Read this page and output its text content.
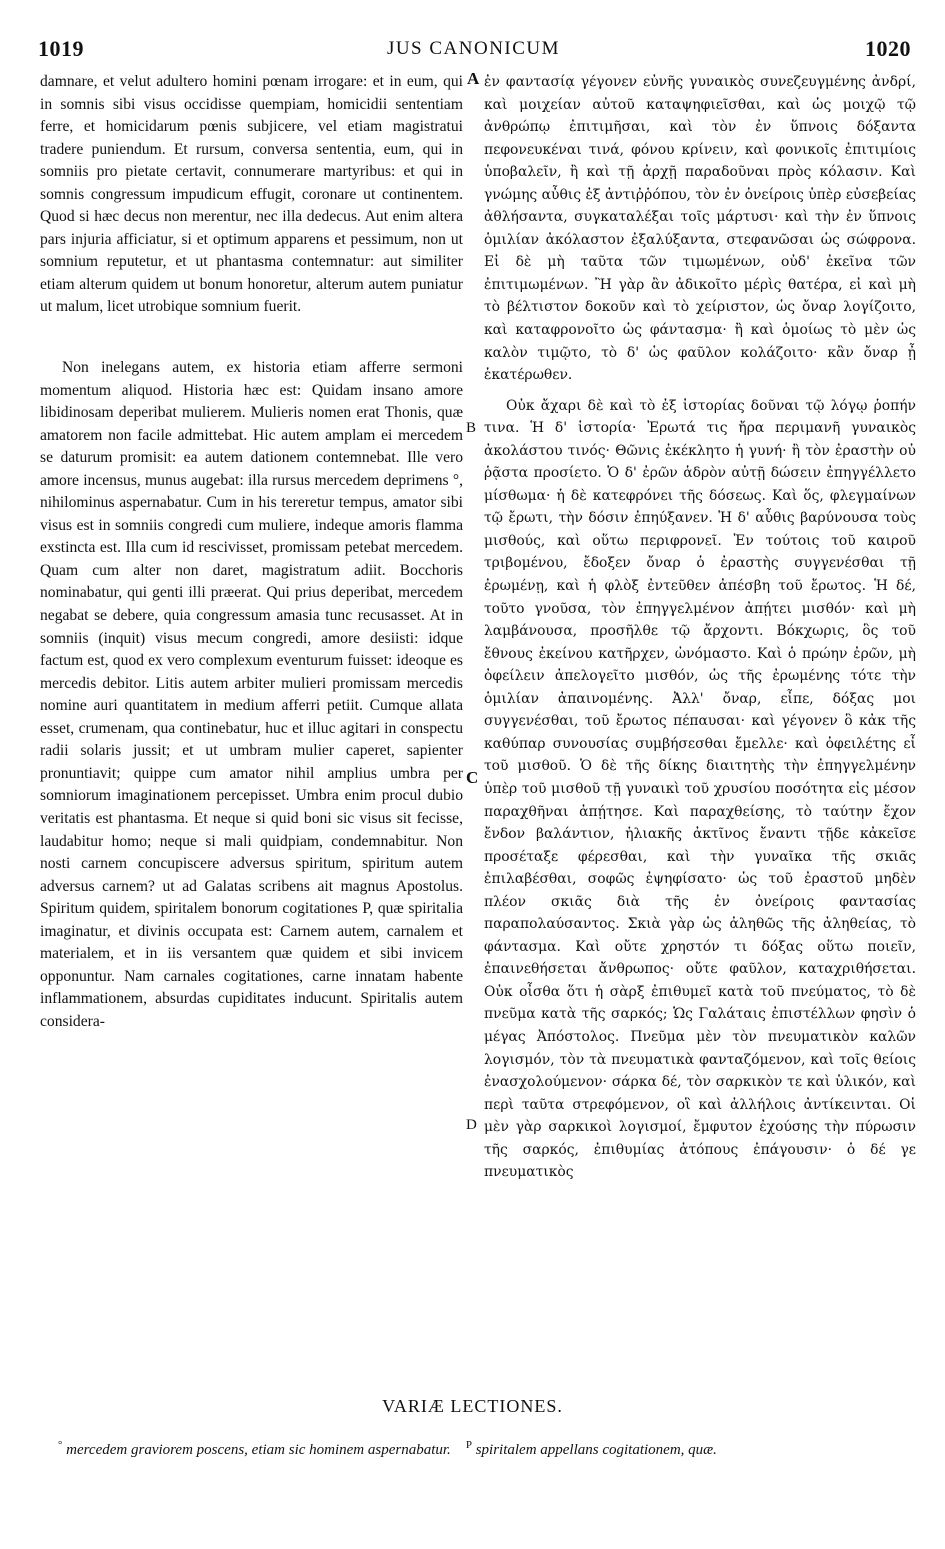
1019	JUS CANONICUM	1020
A
B
C
D

damnare, et velut adultero homini pœnam irrogare: et in eum, qui in somnis sibi visus occidisse quempiam, homicidii sententiam ferre, et homicidarum pœnis subjicere, vel etiam magistratui tradere puniendum. Et rursum, conversa sententia, eum, qui in somniis pro pietate certavit, connumerare martyribus: et qui in somnis congressum impudicum effugit, coronare ut continentem. Quod si hæc decus non merentur, nec illa dedecus. Aut enim altera pars injuria afficiatur, si et optimum apparens et pessimum, non ut somnium reputetur, et ut phantasma contemnatur: aut similiter etiam alterum quidem ut bonum honoretur, alterum autem puniatur ut malum, licet utrobique somnium fuerit.

Non inelegans autem, ex historia etiam afferre sermoni momentum aliquod. Historia hæc est: Quidam insano amore libidinosam deperibat mulierem. Mulieris nomen erat Thonis, quæ amatorem non facile admittebat. Hic autem amplam ei mercedem se daturum promisit: ea autem dationem contemnebat. Ille vero amore incensus, munus augebat: illa rursus mercedem deprimens °, nihilominus aspernabatur. Cum in his tereretur tempus, amator sibi visus est in somniis congredi cum muliere, indeque amoris flamma exstincta est. Illa cum id rescivisset, promissam petebat mercedem. Quam cum alter non daret, magistratum adiit. Bocchoris nominabatur, qui genti illi præerat. Qui prius deperibat, mercedem negabat se debere, quia congressum amasia tunc recusasset. At in somniis (inquit) visus mecum congredi, amore desiisti: idque factum est, quod ex vero complexum eventurum fuisset: ideoque es mercedis debitor. Litis autem arbiter mulieri promissam mercedis nomine auri quantitatem in medium afferri petiit. Cumque allata esset, crumenam, qua continebatur, huc et illuc agitari in conspectu radii solaris jussit; et ut umbram mulier caperet, sapienter pronuntiavit; quippe cum amator nihil amplius umbra per somniorum imaginationem percepisset. Umbra enim procul dubio veritatis est phantasma. Et neque si quid boni sic visus sit fecisse, laudabitur homo; neque si mali quidpiam, condemnabitur. Non nosti carnem concupiscere adversus spiritum, spiritum autem adversus carnem? ut ad Galatas scribens ait magnus Apostolus. Spiritum quidem, spiritalem bonorum cogitationes P, quæ spiritalia imaginatur, et divinis occupata est: Carnem autem, carnalem et materialem, et in iis versantem quæ quidem et sibi invicem opponuntur. Nam carnales cogitationes, carne innatam habente inflammationem, absurdas cupiditates inducunt. Spiritalis autem considera-

ἐν φαντασίᾳ γέγονεν εὐνῆς γυναικὸς συνεζευγμένης ἀνδρί, καὶ μοιχείαν αὐτοῦ καταψηφιεῖσθαι, καὶ ὡς μοιχῷ τῷ ἀνθρώπῳ ἐπιτιμῆσαι, καὶ τὸν ἐν ὕπνοις δόξαντα πεφονευκέναι τινά, φόνου κρίνειν, καὶ φονικοῖς ἐπιτιμίοις ὑποβαλεῖν, ἢ καὶ τῇ ἀρχῇ παραδοῦναι πρὸς κόλασιν. Καὶ γνώμης αὖθις ἐξ ἀντιῤῥόπου, τὸν ἐν ὀνείροις ὑπὲρ εὐσεβείας ἀθλήσαντα, συγκαταλέξαι τοῖς μάρτυσι· καὶ τὴν ἐν ὕπνοις ὁμιλίαν ἀκόλαστον ἐξαλύξαντα, στεφανῶσαι ὡς σώφρονα. Εἰ δὲ μὴ ταῦτα τῶν τιμωμένων, οὐδ' ἐκεῖνα τῶν ἐπιτιμωμένων. Ἢ γὰρ ἂν ἀδικοῖτο μέρὶς θατέρα, εἰ καὶ μὴ τὸ βέλτιστον δοκοῦν καὶ τὸ χείριστον, ὡς ὄναρ λογίζοιτο, καὶ καταφρονοῖτο ὡς φάντασμα· ἢ καὶ ὁμοίως τὸ μὲν ὡς καλὸν τιμῷτο, τὸ δ' ὡς φαῦλον κολάζοιτο· κἂν ὄναρ ᾖ ἑκατέρωθεν.

Οὐκ ἄχαρι δὲ καὶ τὸ ἐξ ἱστορίας δοῦναι τῷ λόγῳ ῥοπήν τινα. Ἡ δ' ἱστορία· Ἐρωτά τις ἤρα περιμανῆ γυναικὸς ἀκολάστου τινός· Θῶνις ἐκέκλητο ἡ γυνή· ἢ τὸν ἐραστὴν οὐ ῥᾷστα προσίετο. Ὁ δ' ἐρῶν ἁδρὸν αὐτῇ δώσειν ἐπηγγέλλετο μίσθωμα· ἡ δὲ κατεφρόνει τῆς δόσεως. Καὶ ὅς, φλεγμαίνων τῷ ἔρωτι, τὴν δόσιν ἐπηύξανεν. Ἡ δ' αὖθις βαρύνουσα τοὺς μισθούς, καὶ οὕτω περιφρονεῖ. Ἐν τούτοις τοῦ καιροῦ τριβομένου, ἔδοξεν ὄναρ ὁ ἐραστὴς συγγενέσθαι τῇ ἐρωμένῃ, καὶ ἡ φλὸξ ἐντεῦθεν ἀπέσβη τοῦ ἔρωτος. Ἡ δέ, τοῦτο γνοῦσα, τὸν ἐπηγγελμένον ἀπῄτει μισθόν· καὶ μὴ λαμβάνουσα, προσῆλθε τῷ ἄρχοντι. Βόκχωρις, ὃς τοῦ ἔθνους ἐκείνου κατῆρχεν, ὠνόμαστο. Καὶ ὁ πρώην ἐρῶν, μὴ ὀφείλειν ἀπελογεῖτο μισθόν, ὡς τῆς ἐρωμένης τότε τὴν ὁμιλίαν ἀπαινομένης. Ἀλλ' ὄναρ, εἶπε, δόξας μοι συγγενέσθαι, τοῦ ἔρωτος πέπαυσαι· καὶ γέγονεν ὃ κἀκ τῆς καθύπαρ συνουσίας συμβήσεσθαι ἔμελλε· καὶ ὀφειλέτης εἶ τοῦ μισθοῦ. Ὁ δὲ τῆς δίκης διαιτητὴς τὴν ἐπηγγελμένην ὑπὲρ τοῦ μισθοῦ τῇ γυναικὶ τοῦ χρυσίου ποσότητα εἰς μέσον παραχθῆναι ἀπῄτησε. Καὶ παραχθείσης, τὸ ταύτην ἔχον ἔνδον βαλάντιον, ἡλιακῆς ἀκτῖνος ἔναντι τῇδε κἀκεῖσε προσέταξε φέρεσθαι, καὶ τὴν γυναῖκα τῆς σκιᾶς ἐπιλαβέσθαι, σοφῶς ἐψηφίσατο· ὡς τοῦ ἐραστοῦ μηδὲν πλέον σκιᾶς διὰ τῆς ἐν ὀνείροις φαντασίας παραπολαύσαντος. Σκιὰ γὰρ ὡς ἀληθῶς τῆς ἀληθείας, τὸ φάντασμα. Καὶ οὔτε χρηστόν τι δόξας οὕτω ποιεῖν, ἐπαινεθήσεται ἄνθρωπος· οὔτε φαῦλον, καταχριθήσεται. Οὐκ οἶσθα ὅτι ἡ σὰρξ ἐπιθυμεῖ κατὰ τοῦ πνεύματος, τὸ δὲ πνεῦμα κατὰ τῆς σαρκός; Ὡς Γαλάταις ἐπιστέλλων φησὶν ὁ μέγας Ἀπόστολος. Πνεῦμα μὲν τὸν πνευματικὸν καλῶν λογισμόν, τὸν τὰ πνευματικὰ φανταζόμενον, καὶ τοῖς θείοις ἐνασχολούμενον· σάρκα δέ, τὸν σαρκικὸν τε καὶ ὑλικόν, καὶ περὶ ταῦτα στρεφόμενον, οἳ καὶ ἀλλήλοις ἀντίκεινται. Οἱ μὲν γὰρ σαρκικοὶ λογισμοί, ἔμφυτον ἐχούσης τὴν πύρωσιν τῆς σαρκός, ἐπιθυμίας ἀτόπους ἐπάγουσιν· ὁ δέ γε πνευματικὸς

VARIÆ LECTIONES.
° mercedem graviorem poscens, etiam sic hominem aspernabatur. $^P$ spiritalem appellans cogitationem, quæ.
